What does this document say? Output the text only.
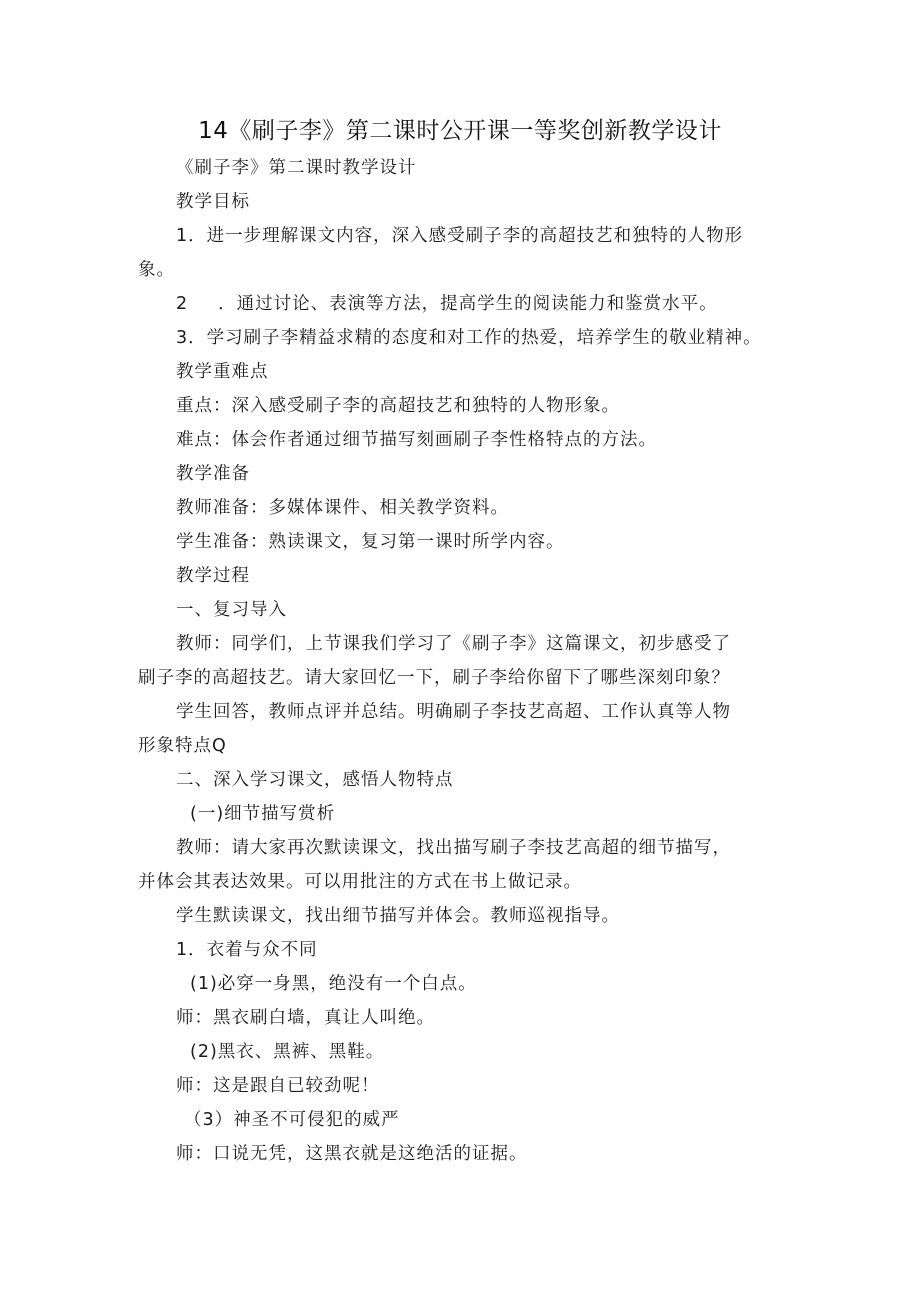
14《刷子李》第二课时公开课一等奖创新教学设计
《刷子李》第二课时教学设计
教学目标
1．进一步理解课文内容，深入感受刷子李的高超技艺和独特的人物形
象。
2 ．通过讨论、表演等方法，提高学生的阅读能力和鉴赏水平。
3．学习刷子李精益求精的态度和对工作的热爱，培养学生的敬业精神。
教学重难点
重点：深入感受刷子李的高超技艺和独特的人物形象。
难点：体会作者通过细节描写刻画刷子李性格特点的方法。
教学准备
教师准备：多媒体课件、相关教学资料。
学生准备：熟读课文，复习第一课时所学内容。
教学过程
一、复习导入
教师：同学们，上节课我们学习了《刷子李》这篇课文，初步感受了
刷子李的高超技艺。请大家回忆一下，刷子李给你留下了哪些深刻印象？
学生回答，教师点评并总结。明确刷子李技艺高超、工作认真等人物
形象特点Q
二、深入学习课文，感悟人物特点
(一)细节描写赏析
教师：请大家再次默读课文，找出描写刷子李技艺高超的细节描写，
并体会其表达效果。可以用批注的方式在书上做记录。
学生默读课文，找出细节描写并体会。教师巡视指导。
1．衣着与众不同
(1)必穿一身黑，绝没有一个白点。
师：黑衣刷白墙，真让人叫绝。
(2)黑衣、黑裤、黑鞋。
师：这是跟自已较劲呢！
（3）神圣不可侵犯的威严
师：口说无凭，这黑衣就是这绝活的证据。
